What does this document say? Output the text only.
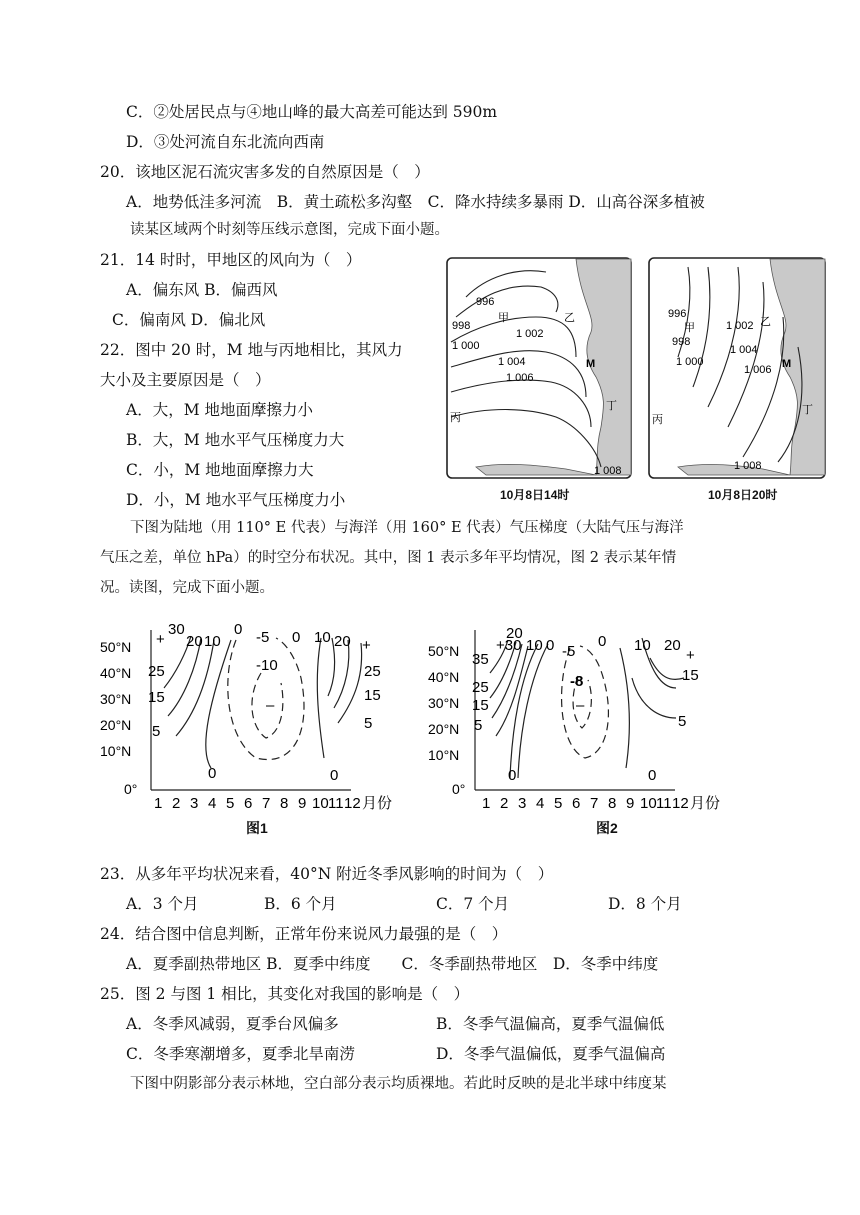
C．②处居民点与④地山峰的最大高差可能达到 590m
D．③处河流自东北流向西南
20．该地区泥石流灾害多发的自然原因是（　）
A．地势低洼多河流　B．黄土疏松多沟壑　C．降水持续多暴雨 D．山高谷深多植被
读某区域两个时刻等压线示意图，完成下面小题。
21．14 时时，甲地区的风向为（　）
A．偏东风 B．偏西风
C．偏南风 D．偏北风
22．图中 20 时，M 地与丙地相比，其风力
大小及主要原因是（　）
A．大，M 地地面摩擦力小
B．大，M 地水平气压梯度力大
C．小，M 地地面摩擦力大
D．小，M 地水平气压梯度力小
996
998
1 000
1 002
1 004
1 006
1 008
甲	乙
丙
丁
M
10月8日14时
996
998
1 000
1 002
1 004
1 006
1 008
甲	乙
丙
丁
M
10月8日20时
下图为陆地（用 110° E 代表）与海洋（用 160° E 代表）气压梯度（大陆气压与海洋
气压之差，单位 hPa）的时空分布状况。其中，图 1 表示多年平均情况，图 2 表示某年情
况。读图，完成下面小题。
50°N
40°N
30°N
20°N
10°N
0°
1 2 3 4 5 6 7 8 9 10 11 12 月份
30
20 10
0 -5 0 10 20
+	+
25
15
5
25
15
5
-10
–
0	0
图1
50°N
40°N
30°N
20°N
10°N
0°
1 2 3 4 5 6 7 8 9 10 11 12 月份
20
+30 10 0 -5
0 10 20
+
35
25
15
5
15
5
-8
–
0	0
图2
23．从多年平均状况来看，40°N 附近冬季风影响的时间为（　）
A．3 个月	B．6 个月	C．7 个月	D．8 个月
24．结合图中信息判断，正常年份来说风力最强的是（　）
A．夏季副热带地区 B．夏季中纬度　　C．冬季副热带地区　D．冬季中纬度
25．图 2 与图 1 相比，其变化对我国的影响是（　）
A．冬季风减弱，夏季台风偏多	B．冬季气温偏高，夏季气温偏低
C．冬季寒潮增多，夏季北旱南涝	D．冬季气温偏低，夏季气温偏高
下图中阴影部分表示林地，空白部分表示均质裸地。若此时反映的是北半球中纬度某
